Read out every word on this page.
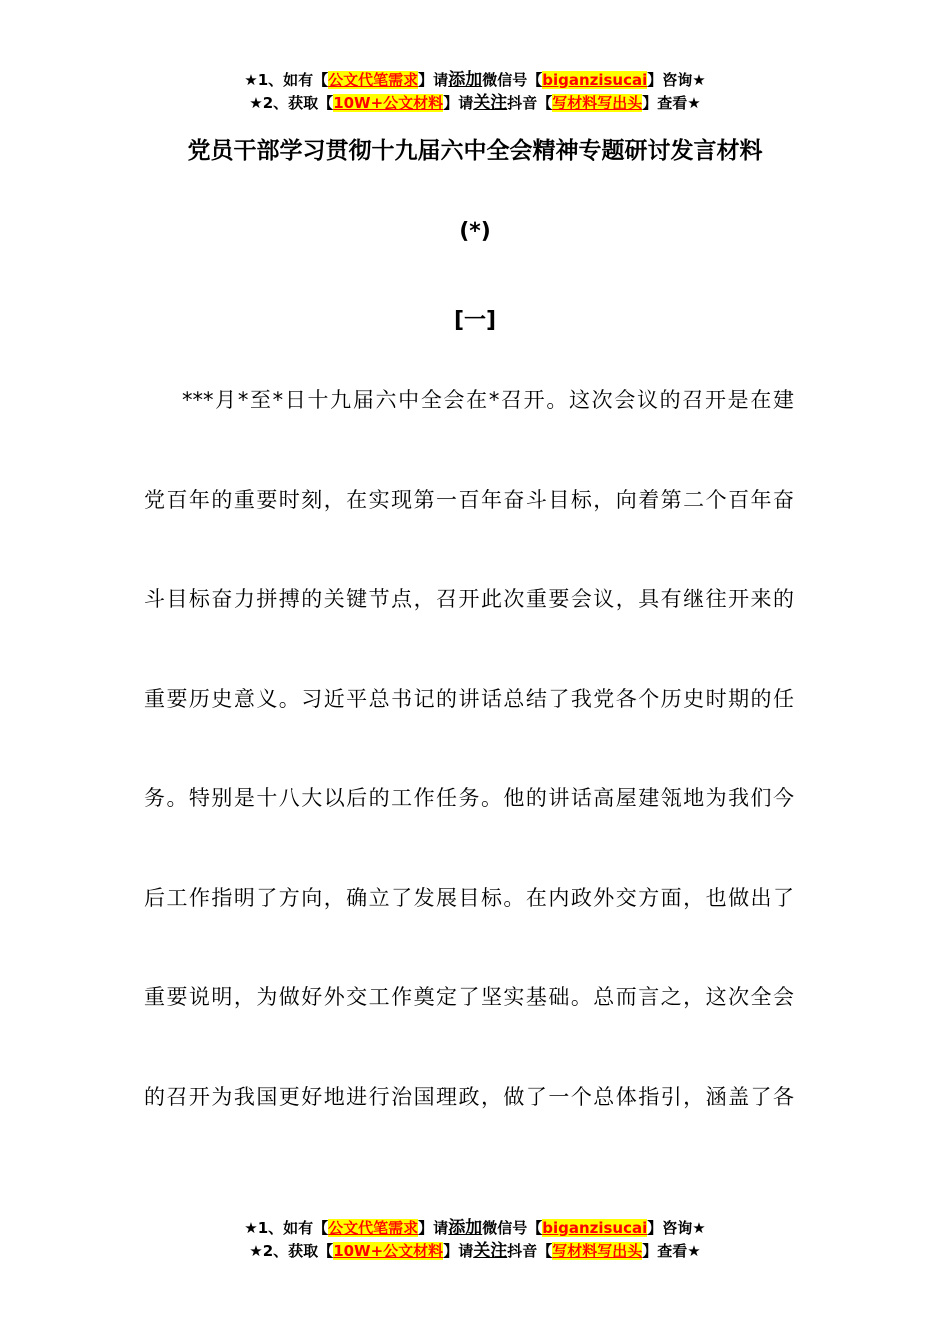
★1、如有【公文代笔需求】请添加微信号【biganzisucai】咨询★
★2、获取【10W+公文材料】请关注抖音【写材料写出头】查看★
党员干部学习贯彻十九届六中全会精神专题研讨发言材料
(*)
[一]
***月*至*日十九届六中全会在*召开。这次会议的召开是在建
党百年的重要时刻，在实现第一百年奋斗目标，向着第二个百年奋
斗目标奋力拼搏的关键节点，召开此次重要会议，具有继往开来的
重要历史意义。习近平总书记的讲话总结了我党各个历史时期的任
务。特别是十八大以后的工作任务。他的讲话高屋建瓴地为我们今
后工作指明了方向，确立了发展目标。在内政外交方面，也做出了
重要说明，为做好外交工作奠定了坚实基础。总而言之，这次全会
的召开为我国更好地进行治国理政，做了一个总体指引，涵盖了各
★1、如有【公文代笔需求】请添加微信号【biganzisucai】咨询★
★2、获取【10W+公文材料】请关注抖音【写材料写出头】查看★
